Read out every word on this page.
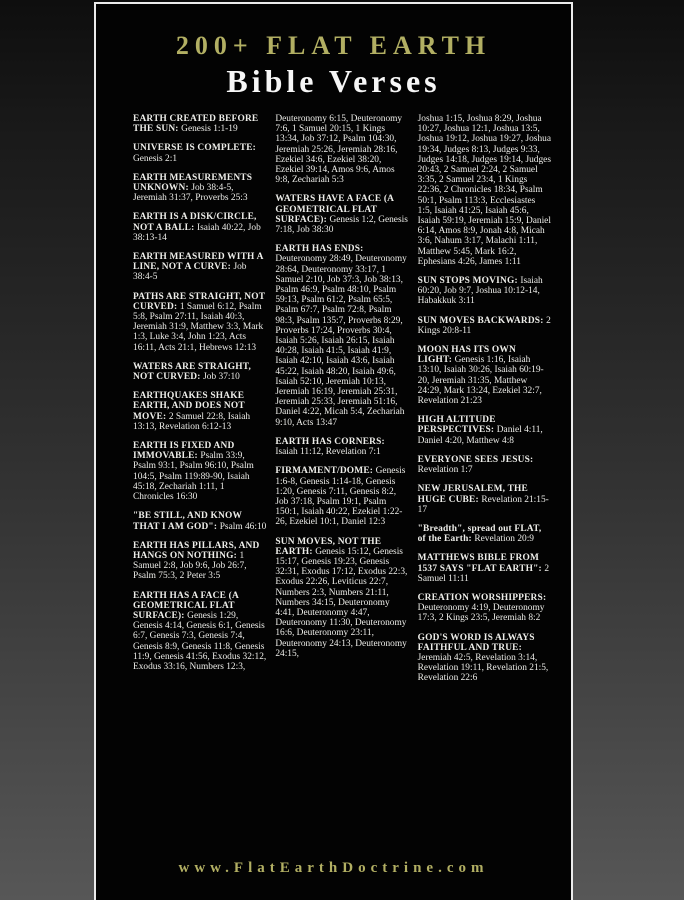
200+ FLAT EARTH
Bible Verses

EARTH CREATED BEFORE THE SUN: Genesis 1:1-19

UNIVERSE IS COMPLETE: Genesis 2:1

EARTH MEASUREMENTS UNKNOWN: Job 38:4-5, Jeremiah 31:37, Proverbs 25:3

EARTH IS A DISK/CIRCLE, NOT A BALL: Isaiah 40:22, Job 38:13-14

EARTH MEASURED WITH A LINE, NOT A CURVE: Job 38:4-5

PATHS ARE STRAIGHT, NOT CURVED: 1 Samuel 6:12, Psalm 5:8, Psalm 27:11, Isaiah 40:3, Jeremiah 31:9, Matthew 3:3, Mark 1:3, Luke 3:4, John 1:23, Acts 16:11, Acts 21:1, Hebrews 12:13

WATERS ARE STRAIGHT, NOT CURVED: Job 37:10

EARTHQUAKES SHAKE EARTH, AND DOES NOT MOVE: 2 Samuel 22:8, Isaiah 13:13, Revelation 6:12-13

EARTH IS FIXED AND IMMOVABLE: Psalm 33:9, Psalm 93:1, Psalm 96:10, Psalm 104:5, Psalm 119:89-90, Isaiah 45:18, Zechariah 1:11, 1 Chronicles 16:30

"BE STILL, AND KNOW THAT I AM GOD": Psalm 46:10

EARTH HAS PILLARS, AND HANGS ON NOTHING: 1 Samuel 2:8, Job 9:6, Job 26:7, Psalm 75:3, 2 Peter 3:5

EARTH HAS A FACE (A GEOMETRICAL FLAT SURFACE): Genesis 1:29, Genesis 4:14, Genesis 6:1, Genesis 6:7, Genesis 7:3, Genesis 7:4, Genesis 8:9, Genesis 11:8, Genesis 11:9, Genesis 41:56, Exodus 32:12, Exodus 33:16, Numbers 12:3,

Deuteronomy 6:15, Deuteronomy 7:6, 1 Samuel 20:15, 1 Kings 13:34, Job 37:12, Psalm 104:30, Jeremiah 25:26, Jeremiah 28:16, Ezekiel 34:6, Ezekiel 38:20, Ezekiel 39:14, Amos 9:6, Amos 9:8, Zechariah 5:3

WATERS HAVE A FACE (A GEOMETRICAL FLAT SURFACE): Genesis 1:2, Genesis 7:18, Job 38:30

EARTH HAS ENDS: Deuteronomy 28:49, Deuteronomy 28:64, Deuteronomy 33:17, 1 Samuel 2:10, Job 37:3, Job 38:13, Psalm 46:9, Psalm 48:10, Psalm 59:13, Psalm 61:2, Psalm 65:5, Psalm 67:7, Psalm 72:8, Psalm 98:3, Psalm 135:7, Proverbs 8:29, Proverbs 17:24, Proverbs 30:4, Isaiah 5:26, Isaiah 26:15, Isaiah 40:28, Isaiah 41:5, Isaiah 41:9, Isaiah 42:10, Isaiah 43:6, Isaiah 45:22, Isaiah 48:20, Isaiah 49:6, Isaiah 52:10, Jeremiah 10:13, Jeremiah 16:19, Jeremiah 25:31, Jeremiah 25:33, Jeremiah 51:16, Daniel 4:22, Micah 5:4, Zechariah 9:10, Acts 13:47

EARTH HAS CORNERS: Isaiah 11:12, Revelation 7:1

FIRMAMENT/DOME: Genesis 1:6-8, Genesis 1:14-18, Genesis 1:20, Genesis 7:11, Genesis 8:2, Job 37:18, Psalm 19:1, Psalm 150:1, Isaiah 40:22, Ezekiel 1:22-26, Ezekiel 10:1, Daniel 12:3

SUN MOVES, NOT THE EARTH: Genesis 15:12, Genesis 15:17, Genesis 19:23, Genesis 32:31, Exodus 17:12, Exodus 22:3, Exodus 22:26, Leviticus 22:7, Numbers 2:3, Numbers 21:11, Numbers 34:15, Deuteronomy 4:41, Deuteronomy 4:47, Deuteronomy 11:30, Deuteronomy 16:6, Deuteronomy 23:11, Deuteronomy 24:13, Deuteronomy 24:15,

Joshua 1:15, Joshua 8:29, Joshua 10:27, Joshua 12:1, Joshua 13:5, Joshua 19:12, Joshua 19:27, Joshua 19:34, Judges 8:13, Judges 9:33, Judges 14:18, Judges 19:14, Judges 20:43, 2 Samuel 2:24, 2 Samuel 3:35, 2 Samuel 23:4, 1 Kings 22:36, 2 Chronicles 18:34, Psalm 50:1, Psalm 113:3, Ecclesiastes 1:5, Isaiah 41:25, Isaiah 45:6, Isaiah 59:19, Jeremiah 15:9, Daniel 6:14, Amos 8:9, Jonah 4:8, Micah 3:6, Nahum 3:17, Malachi 1:11, Matthew 5:45, Mark 16:2, Ephesians 4:26, James 1:11

SUN STOPS MOVING: Isaiah 60:20, Job 9:7, Joshua 10:12-14, Habakkuk 3:11

SUN MOVES BACKWARDS: 2 Kings 20:8-11

MOON HAS ITS OWN LIGHT: Genesis 1:16, Isaiah 13:10, Isaiah 30:26, Isaiah 60:19-20, Jeremiah 31:35, Matthew 24:29, Mark 13:24, Ezekiel 32:7, Revelation 21:23

HIGH ALTITUDE PERSPECTIVES: Daniel 4:11, Daniel 4:20, Matthew 4:8

EVERYONE SEES JESUS: Revelation 1:7

NEW JERUSALEM, THE HUGE CUBE: Revelation 21:15-17

"Breadth", spread out FLAT, of the Earth: Revelation 20:9

MATTHEWS BIBLE FROM 1537 SAYS "FLAT EARTH": 2 Samuel 11:11

CREATION WORSHIPPERS: Deuteronomy 4:19, Deuteronomy 17:3, 2 Kings 23:5, Jeremiah 8:2

GOD'S WORD IS ALWAYS FAITHFUL AND TRUE: Jeremiah 42:5, Revelation 3:14, Revelation 19:11, Revelation 21:5, Revelation 22:6

www.FlatEarthDoctrine.com
